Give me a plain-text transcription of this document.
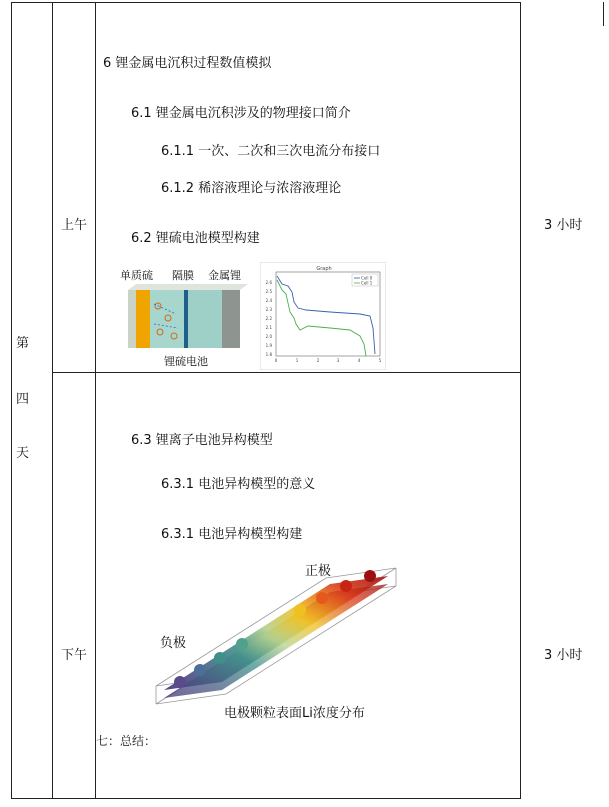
第
四
天
上午	3 小时
6 锂金属电沉积过程数值模拟
6.1 锂金属电沉积涉及的物理接口简介
6.1.1 一次、二次和三次电流分布接口
6.1.2 稀溶液理论与浓溶液理论
6.2 锂硫电池模型构建
单质硫 隔膜 金属锂
锂硫电池
Graph
2.6
2.5
2.4
2.3
2.2
2.1
2.0
1.9
1.8
0	1	2	3	4	5
Cell 0
Cell 1
下午	3 小时
6.3 锂离子电池异构模型
6.3.1 电池异构模型的意义
6.3.1 电池异构模型构建
正极
负极
电极颗粒表面Li浓度分布
七：总结：
